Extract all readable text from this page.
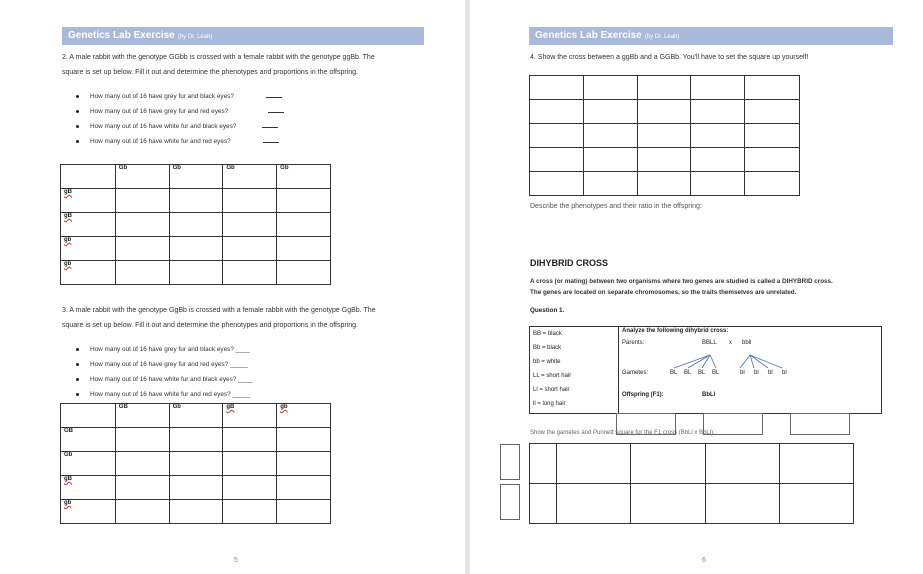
Genetics Lab Exercise (by Dr. Leah)
2. A male rabbit with the genotype GGbb is crossed with a female rabbit with the genotype ggBb. The
square is set up below. Fill it out and determine the phenotypes and proportions in the offspring.
How many out of 16 have grey fur and black eyes?
How many out of 16 have grey fur and red eyes?
How many out of 16 have white fur and black eyes?
How many out of 16 have white fur and red eyes?
	Gb	Gb	Gb	Gb
gB				
gB				
gb				
gb				
3. A male rabbit with the genotype GgBb is crossed with a female rabbit with the genotype GgBb. The
square is set up below. Fill it out and determine the phenotypes and proportions in the offspring.
How many out of 16 have grey fur and black eyes? ____
How many out of 16 have grey fur and red eyes? _____
How many out of 16 have white fur and black eyes? ____
How many out of 16 have white fur and red eyes? _____
	GB	Gb	gB	gb
GB				
Gb				
gB				
gb				
5
Genetics Lab Exercise (by Dr. Leah)
4. Show the cross between a ggBb and a GGBb. You'll have to set the square up yourself!

Describe the phenotypes and their ratio in the offspring:
DIHYBRID CROSS
A cross (or mating) between two organisms where two genes are studied is called a DIHYBRID cross.
The genes are located on separate chromosomes, so the traits themselves are unrelated.
Question 1.
BB = black
Bb = black
bb = white
LL = short hair
Ll = short hair
ll = long hair

Analyze the following dihybrid cross:
Parents:	BBLL x bbll
Gametes:	BL BL BL BL	bl bl bl bl
Offspring (F1):	BbLl
Show the gametes and Punnett square for the F1 cross (BbLl x BbLl).

6
